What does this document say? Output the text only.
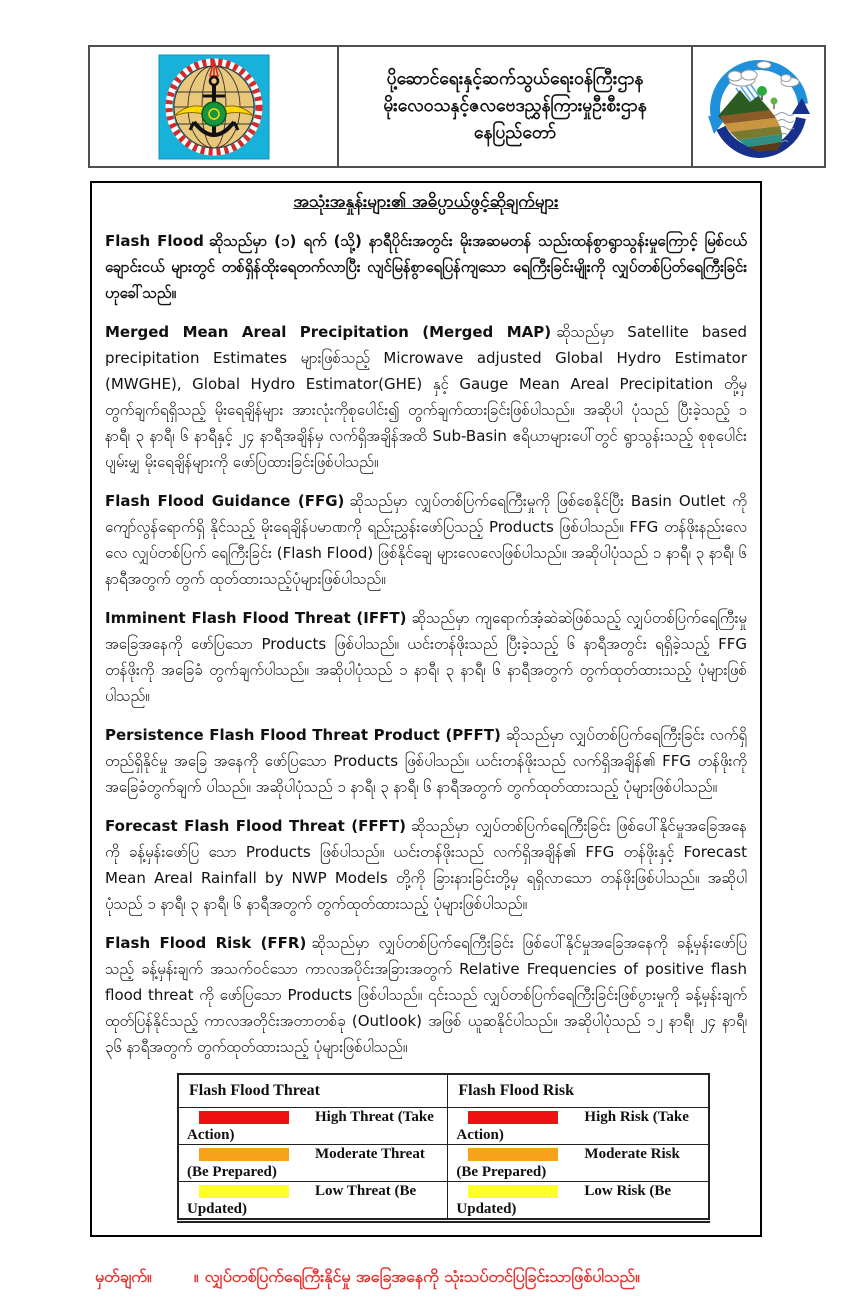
ပို့ဆောင်ရေးနှင့်ဆက်သွယ်ရေးဝန်ကြီးဌာန
မိုးလေဝသနှင့်ဇလဗေဒညွှန်ကြားမှုဦးစီးဌာန
နေပြည်တော်
အသုံးအနှုန်းများ၏ အဓိပ္ပာယ်ဖွင့်ဆိုချက်များ

Flash Flood ဆိုသည်မှာ (၁) ရက် (သို့) နာရီပိုင်းအတွင်း မိုးအဆမတန် သည်းထန်စွာရွာသွန်းမှုကြောင့် မြစ်ငယ်ချောင်းငယ် များတွင် တစ်ရှိန်ထိုးရေတက်လာပြီး လျင်မြန်စွာရေပြန်ကျသော ရေကြီးခြင်းမျိုးကို လျှပ်တစ်ပြတ်ရေကြီးခြင်း ဟုခေါ်သည်။

Merged Mean Areal Precipitation (Merged MAP) ဆိုသည်မှာ Satellite based precipitation Estimates များဖြစ်သည့် Microwave adjusted Global Hydro Estimator (MWGHE), Global Hydro Estimator(GHE) နှင့် Gauge Mean Areal Precipitation တို့မှ တွက်ချက်ရရှိသည့် မိုးရေချိန်များ အားလုံးကိုစုပေါင်း၍ တွက်ချက်ထားခြင်းဖြစ်ပါသည်။ အဆိုပါ ပုံသည် ပြီးခဲ့သည့် ၁ နာရီ၊ ၃ နာရီ၊ ၆ နာရီနှင့် ၂၄ နာရီအချိန်မှ လက်ရှိအချိန်အထိ Sub-Basin ဧရိယာများပေါ်တွင် ရွာသွန်းသည့် စုစုပေါင်း ပျမ်းမျှ မိုးရေချိန်များကို ဖော်ပြထားခြင်းဖြစ်ပါသည်။

Flash Flood Guidance (FFG) ဆိုသည်မှာ လျှပ်တစ်ပြက်ရေကြီးမှုကို ဖြစ်စေနိုင်ပြီး Basin Outlet ကိုကျော်လွန်ရောက်ရှိ နိုင်သည့် မိုးရေချိန်ပမာဏကို ရည်းညွှန်းဖော်ပြသည့် Products ဖြစ်ပါသည်။ FFG တန်ဖိုးနည်းလေလေ လျှပ်တစ်ပြက် ရေကြီးခြင်း (Flash Flood) ဖြစ်နိုင်ချေ များလေလေဖြစ်ပါသည်။ အဆိုပါပုံသည် ၁ နာရီ၊ ၃ နာရီ၊ ၆ နာရီအတွက် တွက် ထုတ်ထားသည့်ပုံများဖြစ်ပါသည်။

Imminent Flash Flood Threat (IFFT) ဆိုသည်မှာ ကျရောက်အံ့ဆဲဆဲဖြစ်သည့် လျှပ်တစ်ပြက်ရေကြီးမှု အခြေအနေကို ဖော်ပြသော Products ဖြစ်ပါသည်။ ယင်းတန်ဖိုးသည် ပြီးခဲ့သည့် ၆ နာရီအတွင်း ရရှိခဲ့သည့် FFG တန်ဖိုးကို အခြေခံ တွက်ချက်ပါသည်။ အဆိုပါပုံသည် ၁ နာရီ၊ ၃ နာရီ၊ ၆ နာရီအတွက် တွက်ထုတ်ထားသည့် ပုံများဖြစ်ပါသည်။

Persistence Flash Flood Threat Product (PFFT) ဆိုသည်မှာ လျှပ်တစ်ပြက်ရေကြီးခြင်း လက်ရှိတည်ရှိနိုင်မှု အခြေ အနေကို ဖော်ပြသော Products ဖြစ်ပါသည်။ ယင်းတန်ဖိုးသည် လက်ရှိအချိန်၏ FFG တန်ဖိုးကို အခြေခံတွက်ချက် ပါသည်။ အဆိုပါပုံသည် ၁ နာရီ၊ ၃ နာရီ၊ ၆ နာရီအတွက် တွက်ထုတ်ထားသည့် ပုံများဖြစ်ပါသည်။

Forecast Flash Flood Threat (FFFT) ဆိုသည်မှာ လျှပ်တစ်ပြက်ရေကြီးခြင်း ဖြစ်ပေါ်နိုင်မှုအခြေအနေကို ခန့်မှန်းဖော်ပြ သော Products ဖြစ်ပါသည်။ ယင်းတန်ဖိုးသည် လက်ရှိအချိန်၏ FFG တန်ဖိုးနှင့် Forecast Mean Areal Rainfall by NWP Models တို့ကို ခြားနားခြင်းတို့မှ ရရှိလာသော တန်ဖိုးဖြစ်ပါသည်။ အဆိုပါပုံသည် ၁ နာရီ၊ ၃ နာရီ၊ ၆ နာရီအတွက် တွက်ထုတ်ထားသည့် ပုံများဖြစ်ပါသည်။

Flash Flood Risk (FFR) ဆိုသည်မှာ လျှပ်တစ်ပြက်ရေကြီးခြင်း ဖြစ်ပေါ်နိုင်မှုအခြေအနေကို ခန့်မှန်းဖော်ပြသည့် ခန့်မှန်းချက် အသက်ဝင်သော ကာလအပိုင်းအခြားအတွက် Relative Frequencies of positive flash flood threat ကို ဖော်ပြသော Products ဖြစ်ပါသည်။ ၎င်းသည် လျှပ်တစ်ပြက်ရေကြီးခြင်းဖြစ်ပွားမှုကို ခန့်မှန်းချက်ထုတ်ပြန်နိုင်သည့် ကာလအတိုင်းအတာတစ်ခု (Outlook) အဖြစ် ယူဆနိုင်ပါသည်။ အဆိုပါပုံသည် ၁၂ နာရီ၊ ၂၄ နာရီ၊ ၃၆ နာရီအတွက် တွက်ထုတ်ထားသည့် ပုံများဖြစ်ပါသည်။

Flash Flood Threat	Flash Flood Risk
High Threat (Take Action)	High Risk (Take Action)
Moderate Threat (Be Prepared)	Moderate Risk (Be Prepared)
Low Threat (Be Updated)	Low Risk (Be Updated)
မှတ်ချက်။	။ လျှပ်တစ်ပြက်ရေကြီးနိုင်မှု အခြေအနေကို သုံးသပ်တင်ပြခြင်းသာဖြစ်ပါသည်။
